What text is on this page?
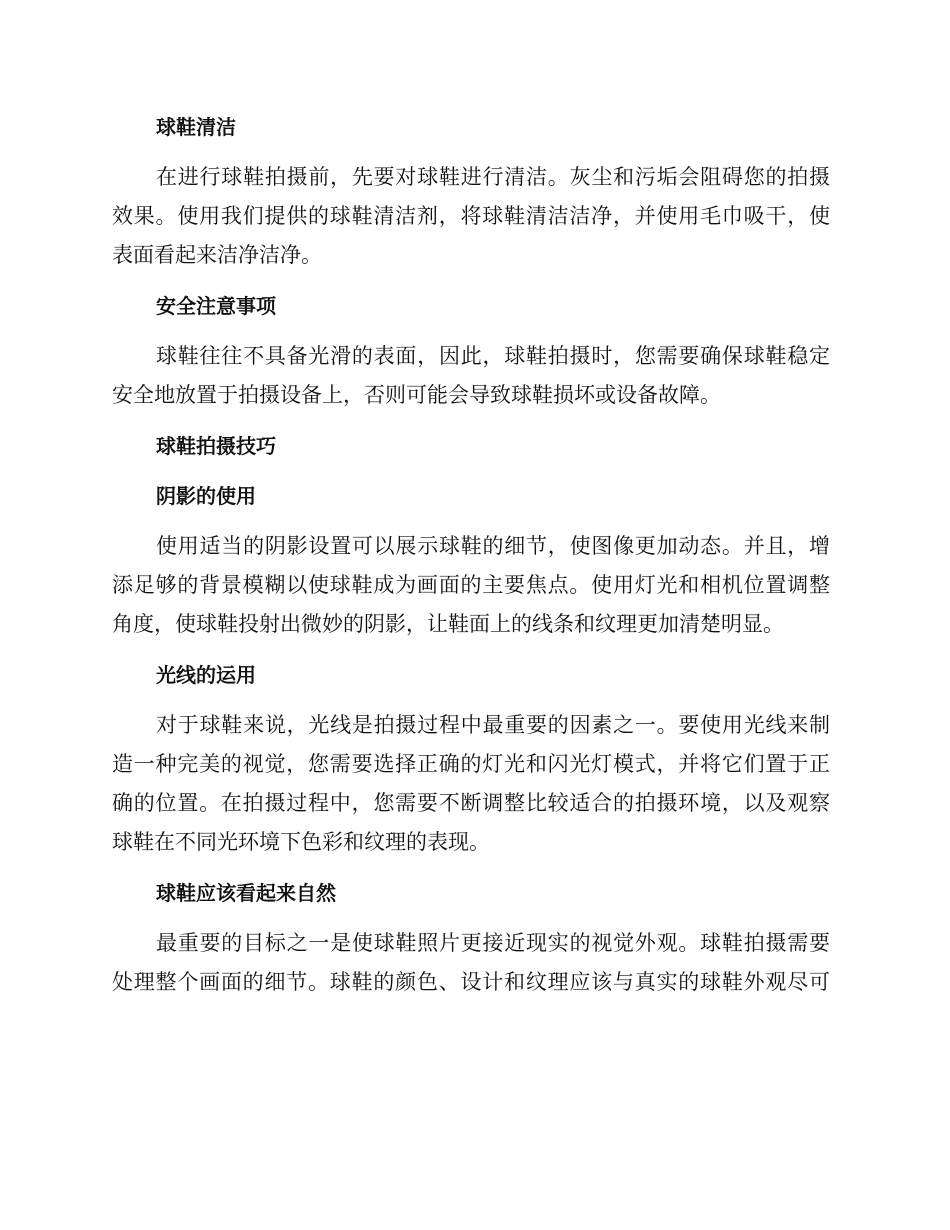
球鞋清洁
在进行球鞋拍摄前，先要对球鞋进行清洁。灰尘和污垢会阻碍您的拍摄
效果。使用我们提供的球鞋清洁剂，将球鞋清洁洁净，并使用毛巾吸干，使
表面看起来洁净洁净。
安全注意事项
球鞋往往不具备光滑的表面，因此，球鞋拍摄时，您需要确保球鞋稳定
安全地放置于拍摄设备上，否则可能会导致球鞋损坏或设备故障。
球鞋拍摄技巧
阴影的使用
使用适当的阴影设置可以展示球鞋的细节，使图像更加动态。并且，增
添足够的背景模糊以使球鞋成为画面的主要焦点。使用灯光和相机位置调整
角度，使球鞋投射出微妙的阴影，让鞋面上的线条和纹理更加清楚明显。
光线的运用
对于球鞋来说，光线是拍摄过程中最重要的因素之一。要使用光线来制
造一种完美的视觉，您需要选择正确的灯光和闪光灯模式，并将它们置于正
确的位置。在拍摄过程中，您需要不断调整比较适合的拍摄环境，以及观察
球鞋在不同光环境下色彩和纹理的表现。
球鞋应该看起来自然
最重要的目标之一是使球鞋照片更接近现实的视觉外观。球鞋拍摄需要
处理整个画面的细节。球鞋的颜色、设计和纹理应该与真实的球鞋外观尽可
